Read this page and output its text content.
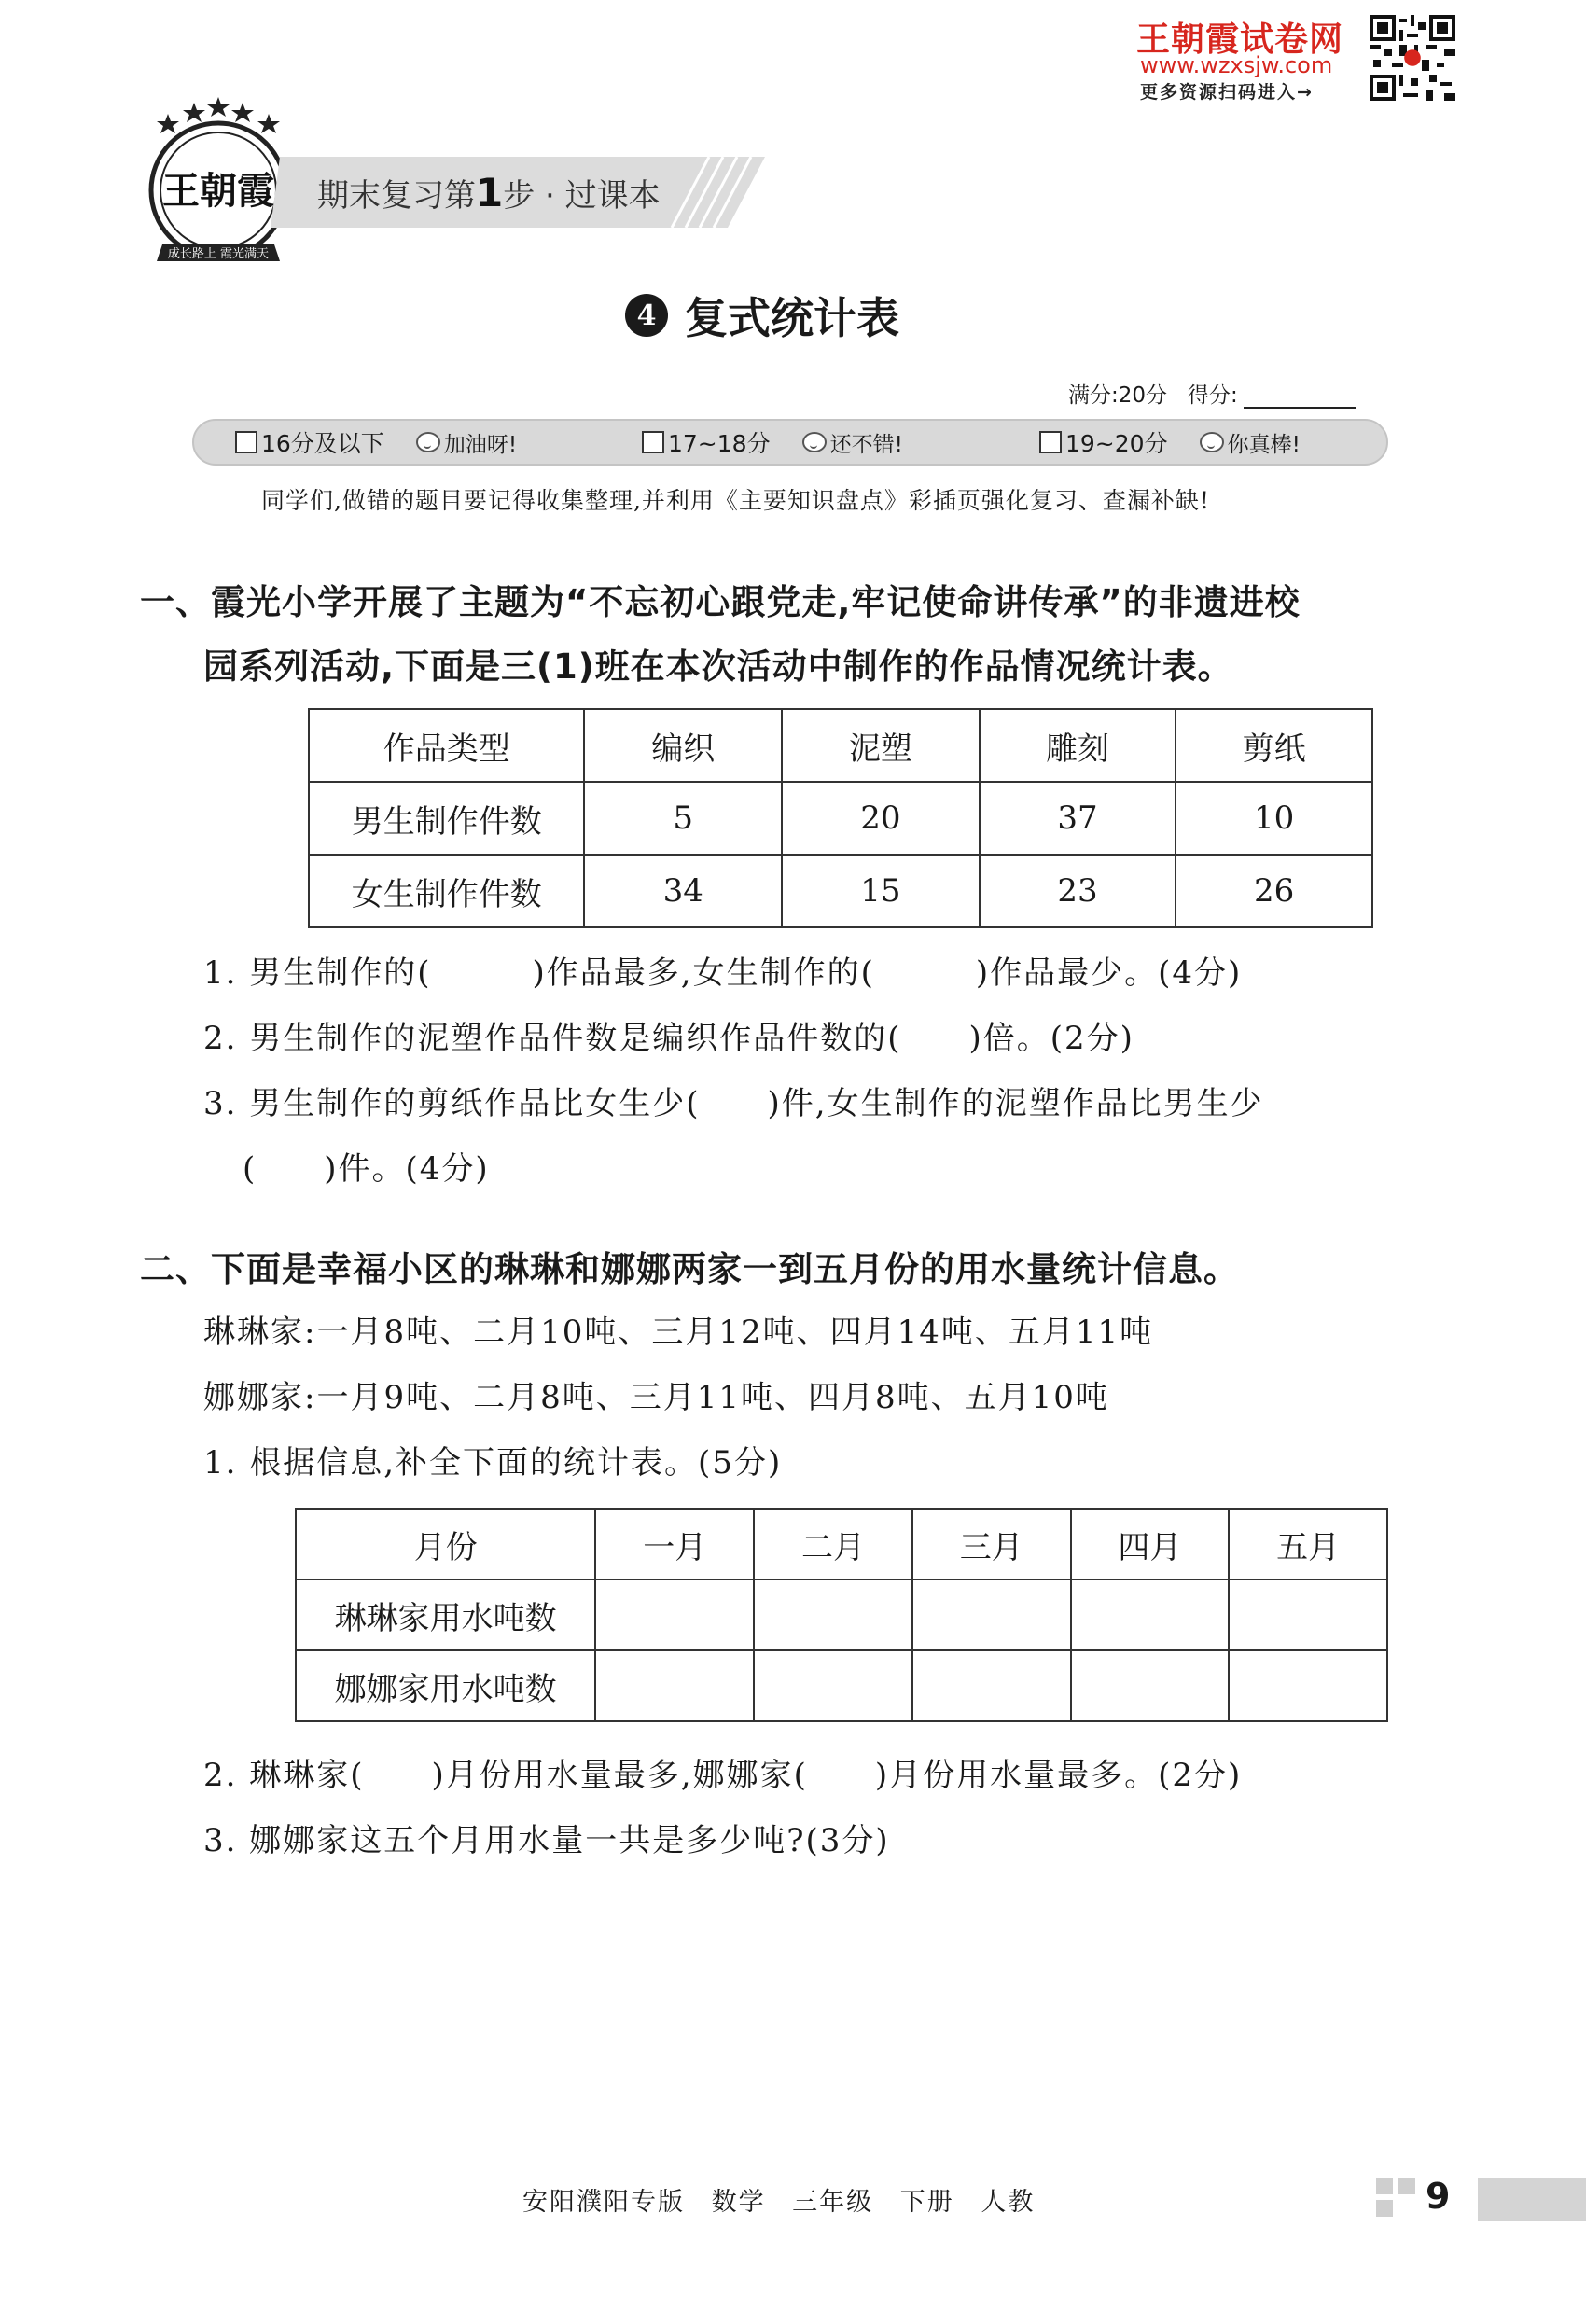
王朝霞试卷网
www.wzxsjw.com
更多资源扫码进入→
王朝霞
成长路上 霞光满天
期末复习第1步 · 过课本
4 复式统计表
满分:20分 得分:
16分及以下	加油呀!	17~18分	还不错!	19~20分	你真棒!
同学们,做错的题目要记得收集整理,并利用《主要知识盘点》彩插页强化复习、查漏补缺!
一、霞光小学开展了主题为“不忘初心跟党走,牢记使命讲传承”的非遗进校
园系列活动,下面是三(1)班在本次活动中制作的作品情况统计表。
作品类型	编织	泥塑	雕刻	剪纸
男生制作件数	5	20	37	10
女生制作件数	34	15	23	26
1. 男生制作的(　　　)作品最多,女生制作的(　　　)作品最少。(4分)
2. 男生制作的泥塑作品件数是编织作品件数的(　　)倍。(2分)
3. 男生制作的剪纸作品比女生少(　　)件,女生制作的泥塑作品比男生少
(　　)件。(4分)
二、下面是幸福小区的琳琳和娜娜两家一到五月份的用水量统计信息。
琳琳家:一月8吨、二月10吨、三月12吨、四月14吨、五月11吨
娜娜家:一月9吨、二月8吨、三月11吨、四月8吨、五月10吨
1. 根据信息,补全下面的统计表。(5分)
月份	一月	二月	三月	四月	五月
琳琳家用水吨数					
娜娜家用水吨数					
2. 琳琳家(　　)月份用水量最多,娜娜家(　　)月份用水量最多。(2分)
3. 娜娜家这五个月用水量一共是多少吨?(3分)
安阳濮阳专版 数学 三年级 下册 人教	9
